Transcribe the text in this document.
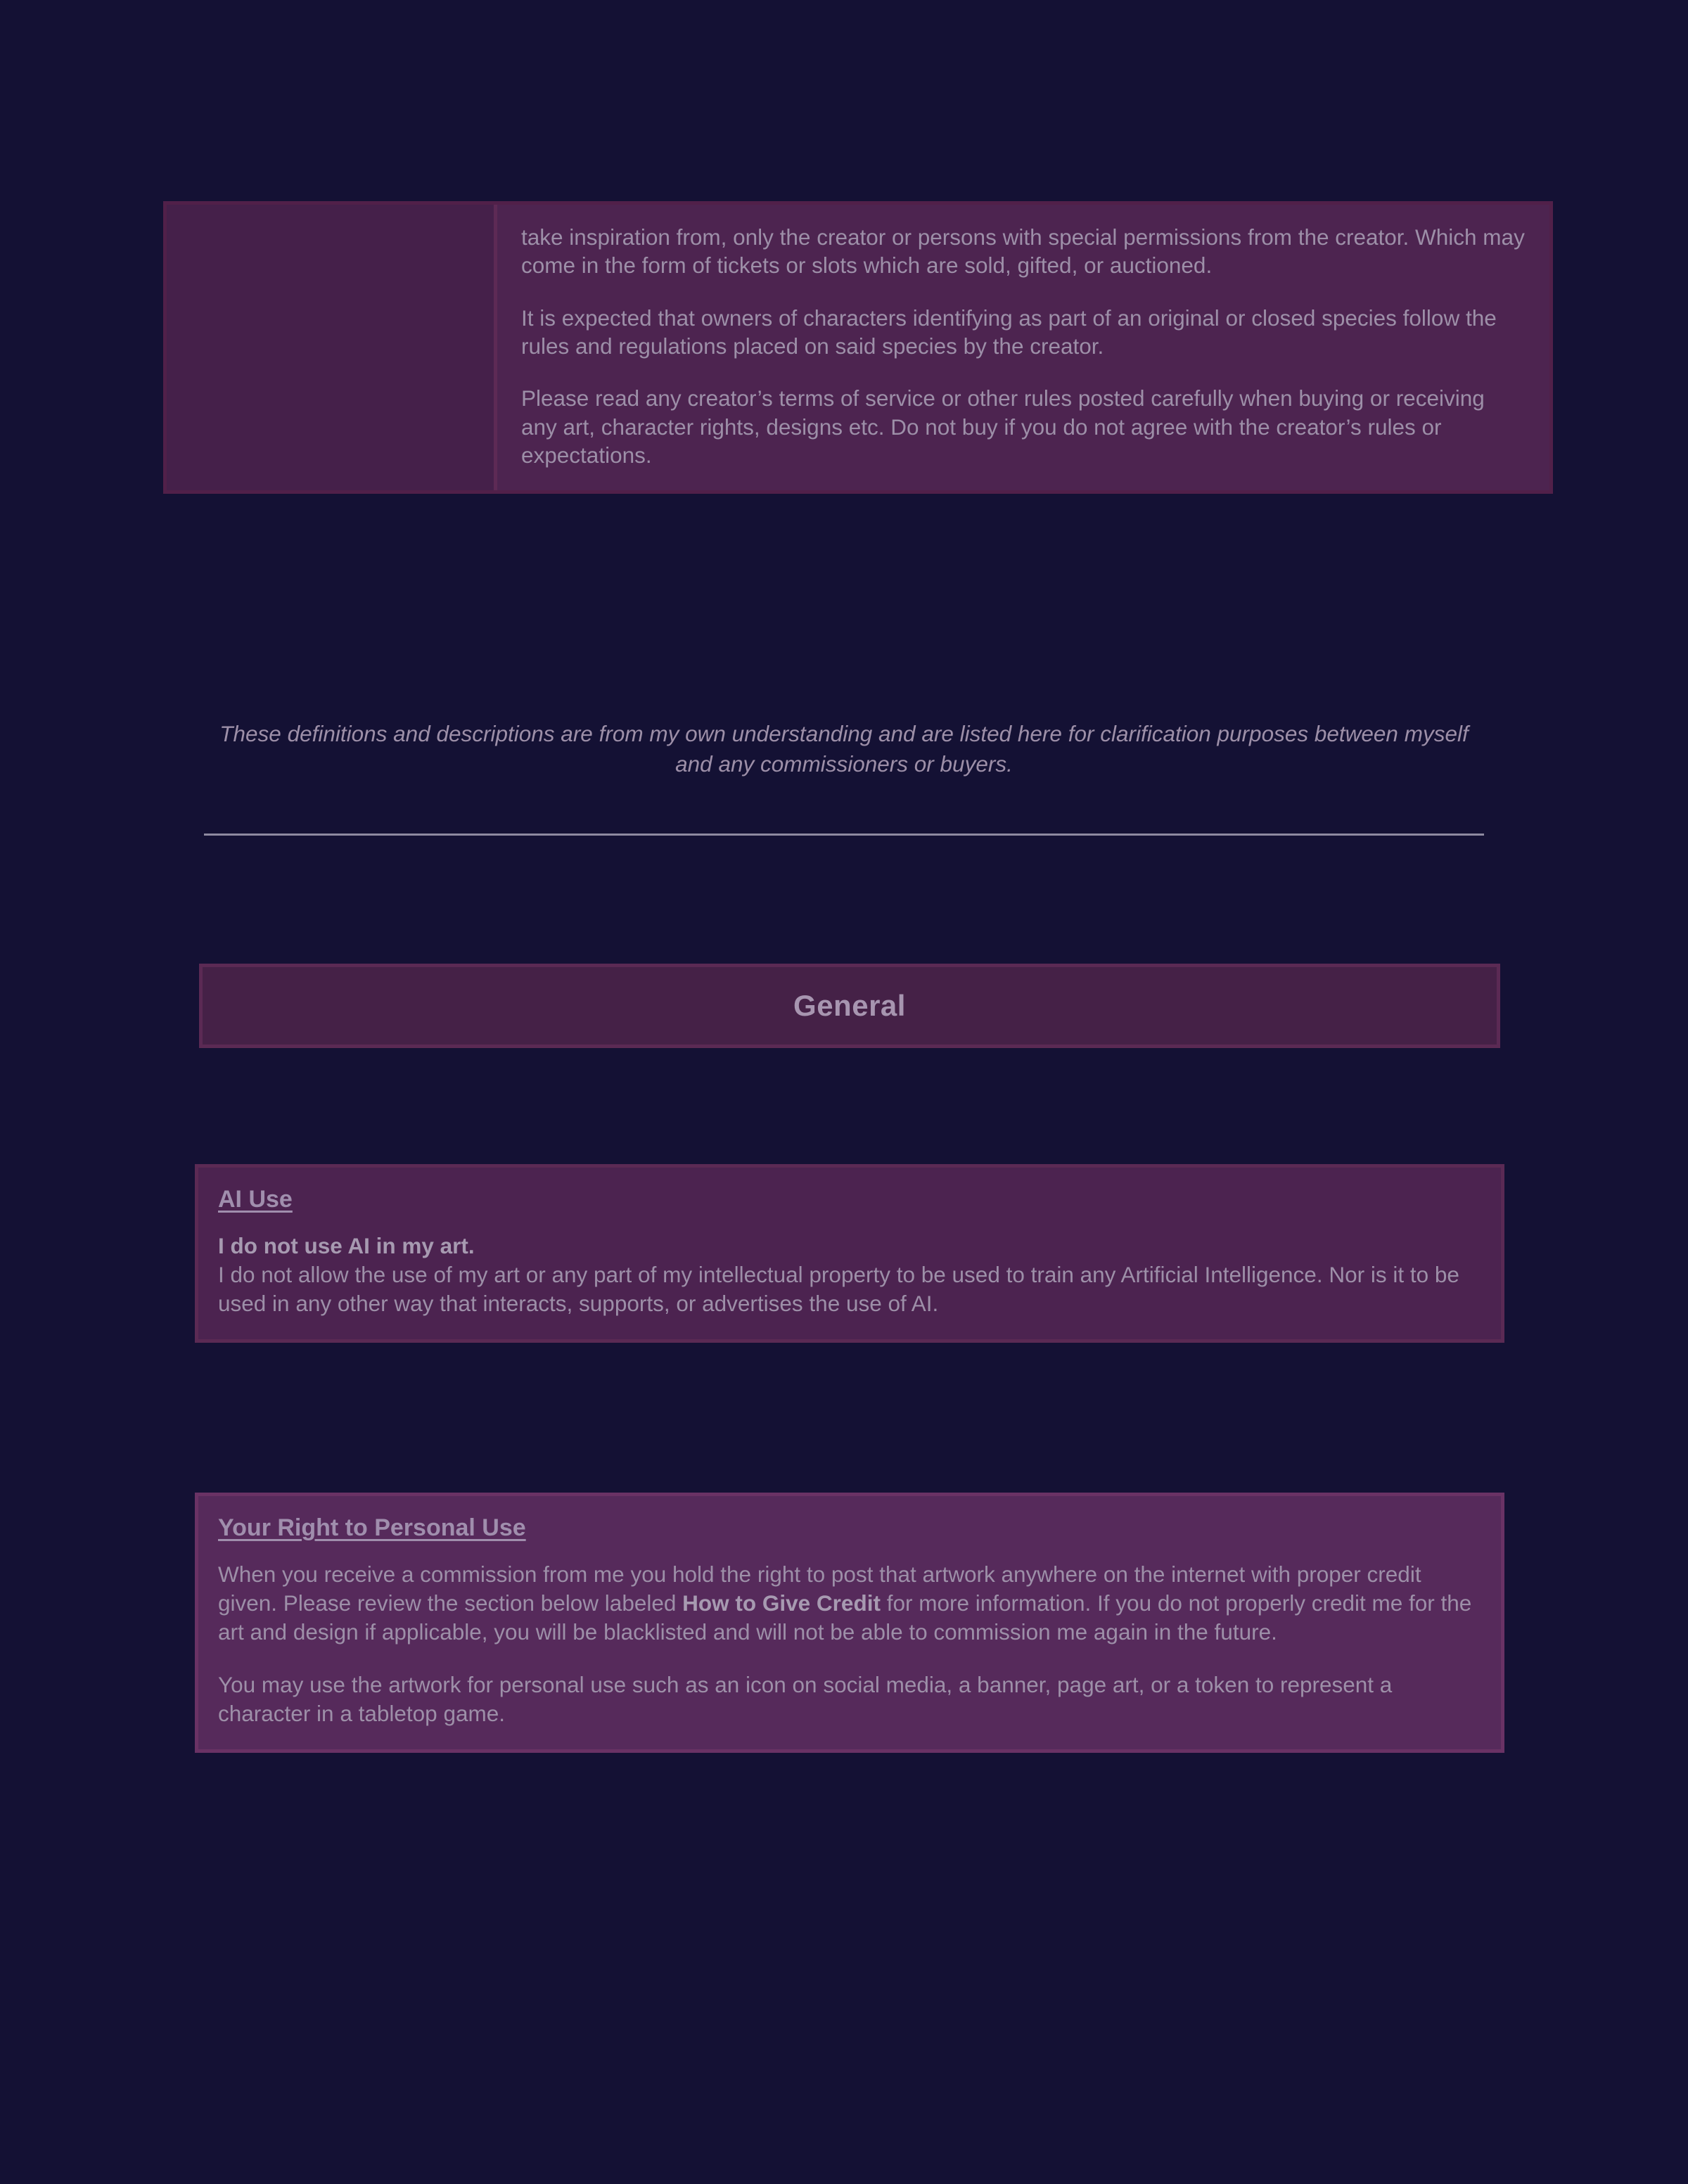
take inspiration from, only the creator or persons with special permissions from the creator. Which may come in the form of tickets or slots which are sold, gifted, or auctioned.

It is expected that owners of characters identifying as part of an original or closed species follow the rules and regulations placed on said species by the creator.

Please read any creator’s terms of service or other rules posted carefully when buying or receiving any art, character rights, designs etc. Do not buy if you do not agree with the creator’s rules or expectations.

These definitions and descriptions are from my own understanding and are listed here for clarification purposes between myself and any commissioners or buyers.
General
AI Use

I do not use AI in my art.

I do not allow the use of my art or any part of my intellectual property to be used to train any Artificial Intelligence. Nor is it to be used in any other way that interacts, supports, or advertises the use of AI.

Your Right to Personal Use

When you receive a commission from me you hold the right to post that artwork anywhere on the internet with proper credit given. Please review the section below labeled How to Give Credit for more information. If you do not properly credit me for the art and design if applicable, you will be blacklisted and will not be able to commission me again in the future.

You may use the artwork for personal use such as an icon on social media, a banner, page art, or a token to represent a character in a tabletop game.
